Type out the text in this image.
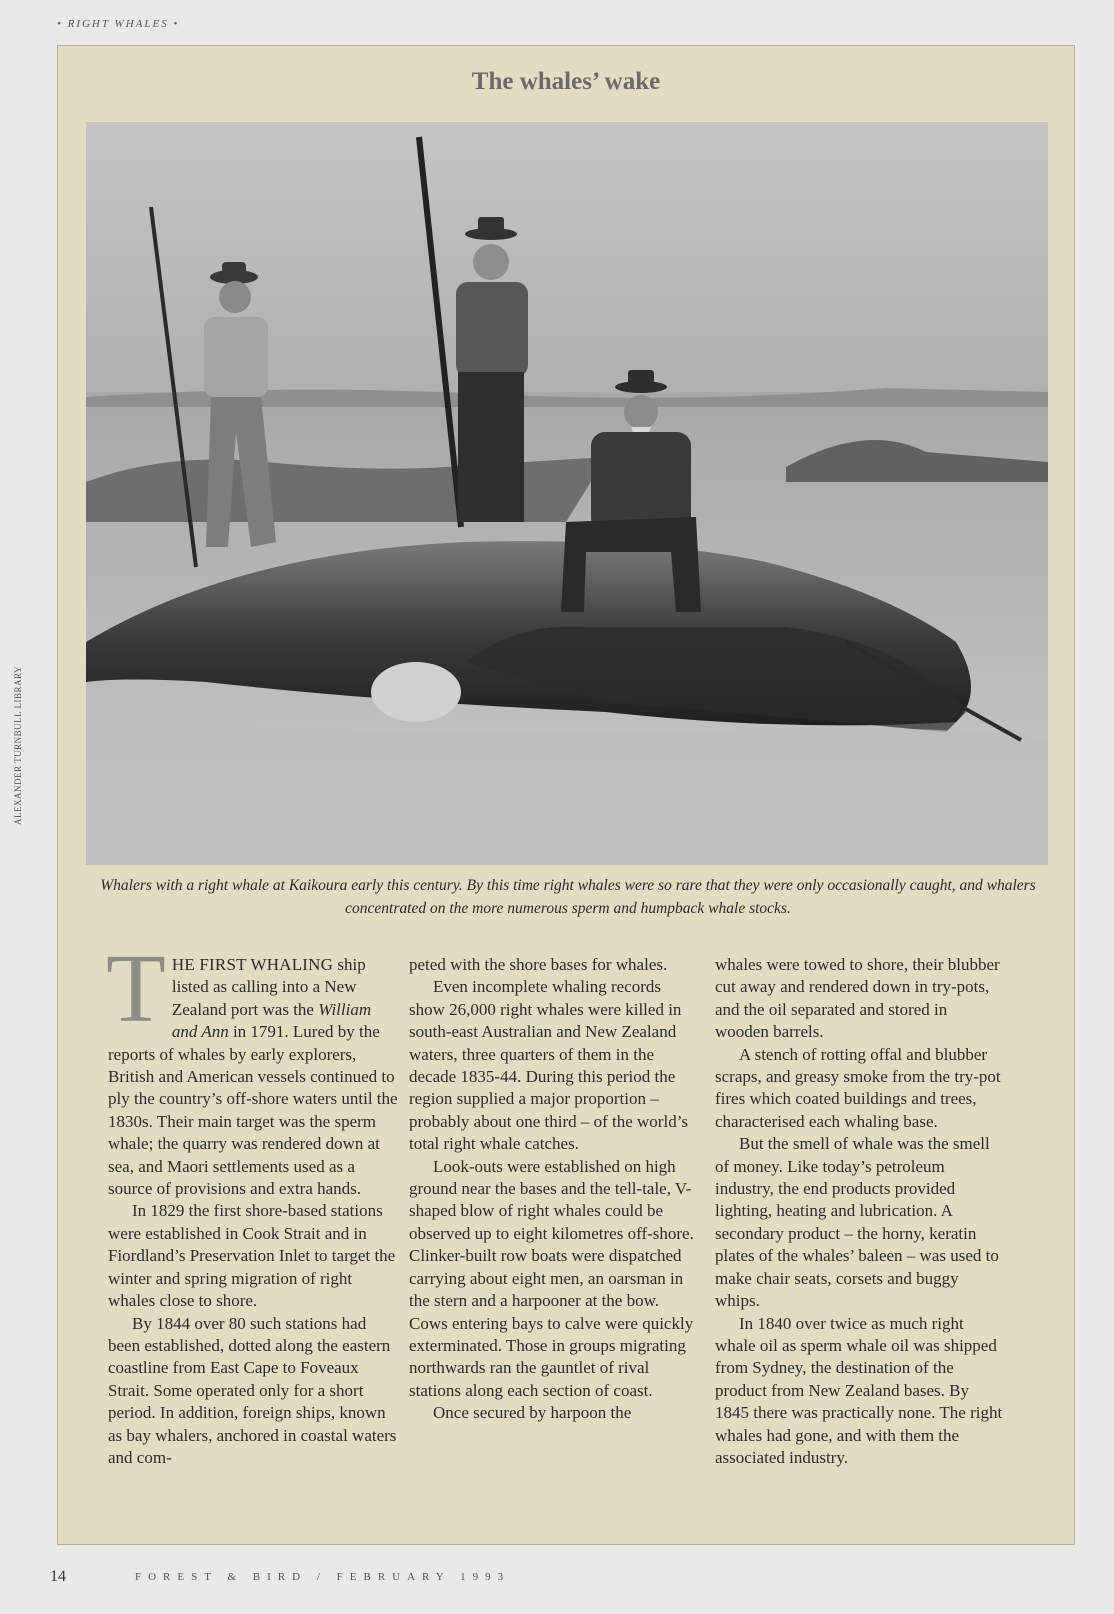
• RIGHT WHALES •
The whales’ wake
Whalers with a right whale at Kaikoura early this century. By this time right whales were so rare that they were only occasionally caught, and whalers concentrated on the more numerous sperm and humpback whale stocks.

THE FIRST WHALING ship listed as calling into a New Zealand port was the William and Ann in 1791. Lured by the reports of whales by early explorers, British and American vessels continued to ply the country’s off-shore waters until the 1830s. Their main target was the sperm whale; the quarry was rendered down at sea, and Maori settlements used as a source of provisions and extra hands.

In 1829 the first shore-based stations were established in Cook Strait and in Fiordland’s Preservation Inlet to target the winter and spring migration of right whales close to shore.

By 1844 over 80 such stations had been established, dotted along the eastern coastline from East Cape to Foveaux Strait. Some operated only for a short period. In addition, foreign ships, known as bay whalers, anchored in coastal waters and com-

peted with the shore bases for whales.

Even incomplete whaling records show 26,000 right whales were killed in south-east Australian and New Zealand waters, three quarters of them in the decade 1835-44. During this period the region supplied a major proportion – probably about one third – of the world’s total right whale catches.

Look-outs were established on high ground near the bases and the tell-tale, V-shaped blow of right whales could be observed up to eight kilometres off-shore. Clinker-built row boats were dispatched carrying about eight men, an oarsman in the stern and a harpooner at the bow. Cows entering bays to calve were quickly exterminated. Those in groups migrating northwards ran the gauntlet of rival stations along each section of coast.

Once secured by harpoon the

whales were towed to shore, their blubber cut away and rendered down in try-pots, and the oil separated and stored in wooden barrels.

A stench of rotting offal and blubber scraps, and greasy smoke from the try-pot fires which coated buildings and trees, characterised each whaling base.

But the smell of whale was the smell of money. Like today’s petroleum industry, the end products provided lighting, heating and lubrication. A secondary product – the horny, keratin plates of the whales’ baleen – was used to make chair seats, corsets and buggy whips.

In 1840 over twice as much right whale oil as sperm whale oil was shipped from Sydney, the destination of the product from New Zealand bases. By 1845 there was practically none. The right whales had gone, and with them the associated industry.

ALEXANDER TURNBULL LIBRARY
14	FOREST & BIRD / FEBRUARY 1993
